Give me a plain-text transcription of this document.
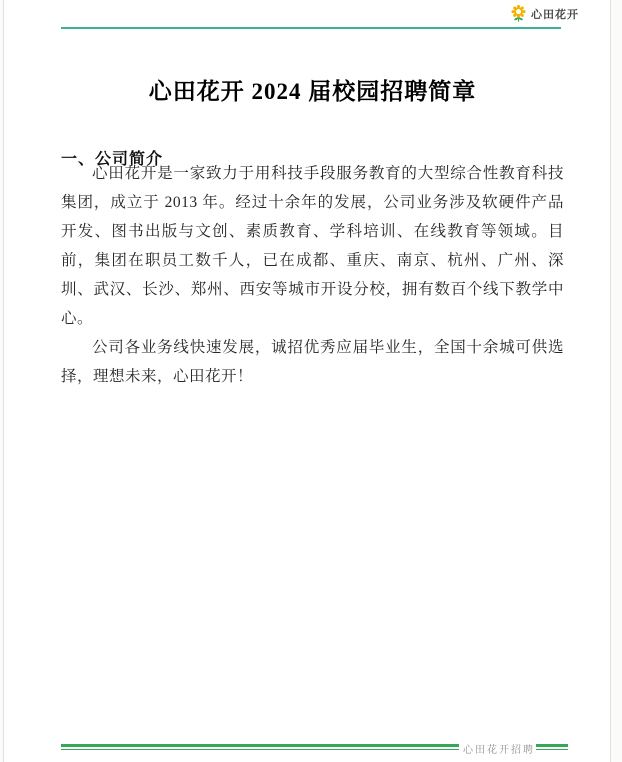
心田花开
心田花开 2024 届校园招聘简章
一、公司简介

心田花开是一家致力于用科技手段服务教育的大型综合性教育科技集团，成立于 2013 年。经过十余年的发展，公司业务涉及软硬件产品开发、图书出版与文创、素质教育、学科培训、在线教育等领域。目前，集团在职员工数千人，已在成都、重庆、南京、杭州、广州、深圳、武汉、长沙、郑州、西安等城市开设分校，拥有数百个线下教学中心。

公司各业务线快速发展，诚招优秀应届毕业生，全国十余城可供选择，理想未来，心田花开！

心田花开招聘
